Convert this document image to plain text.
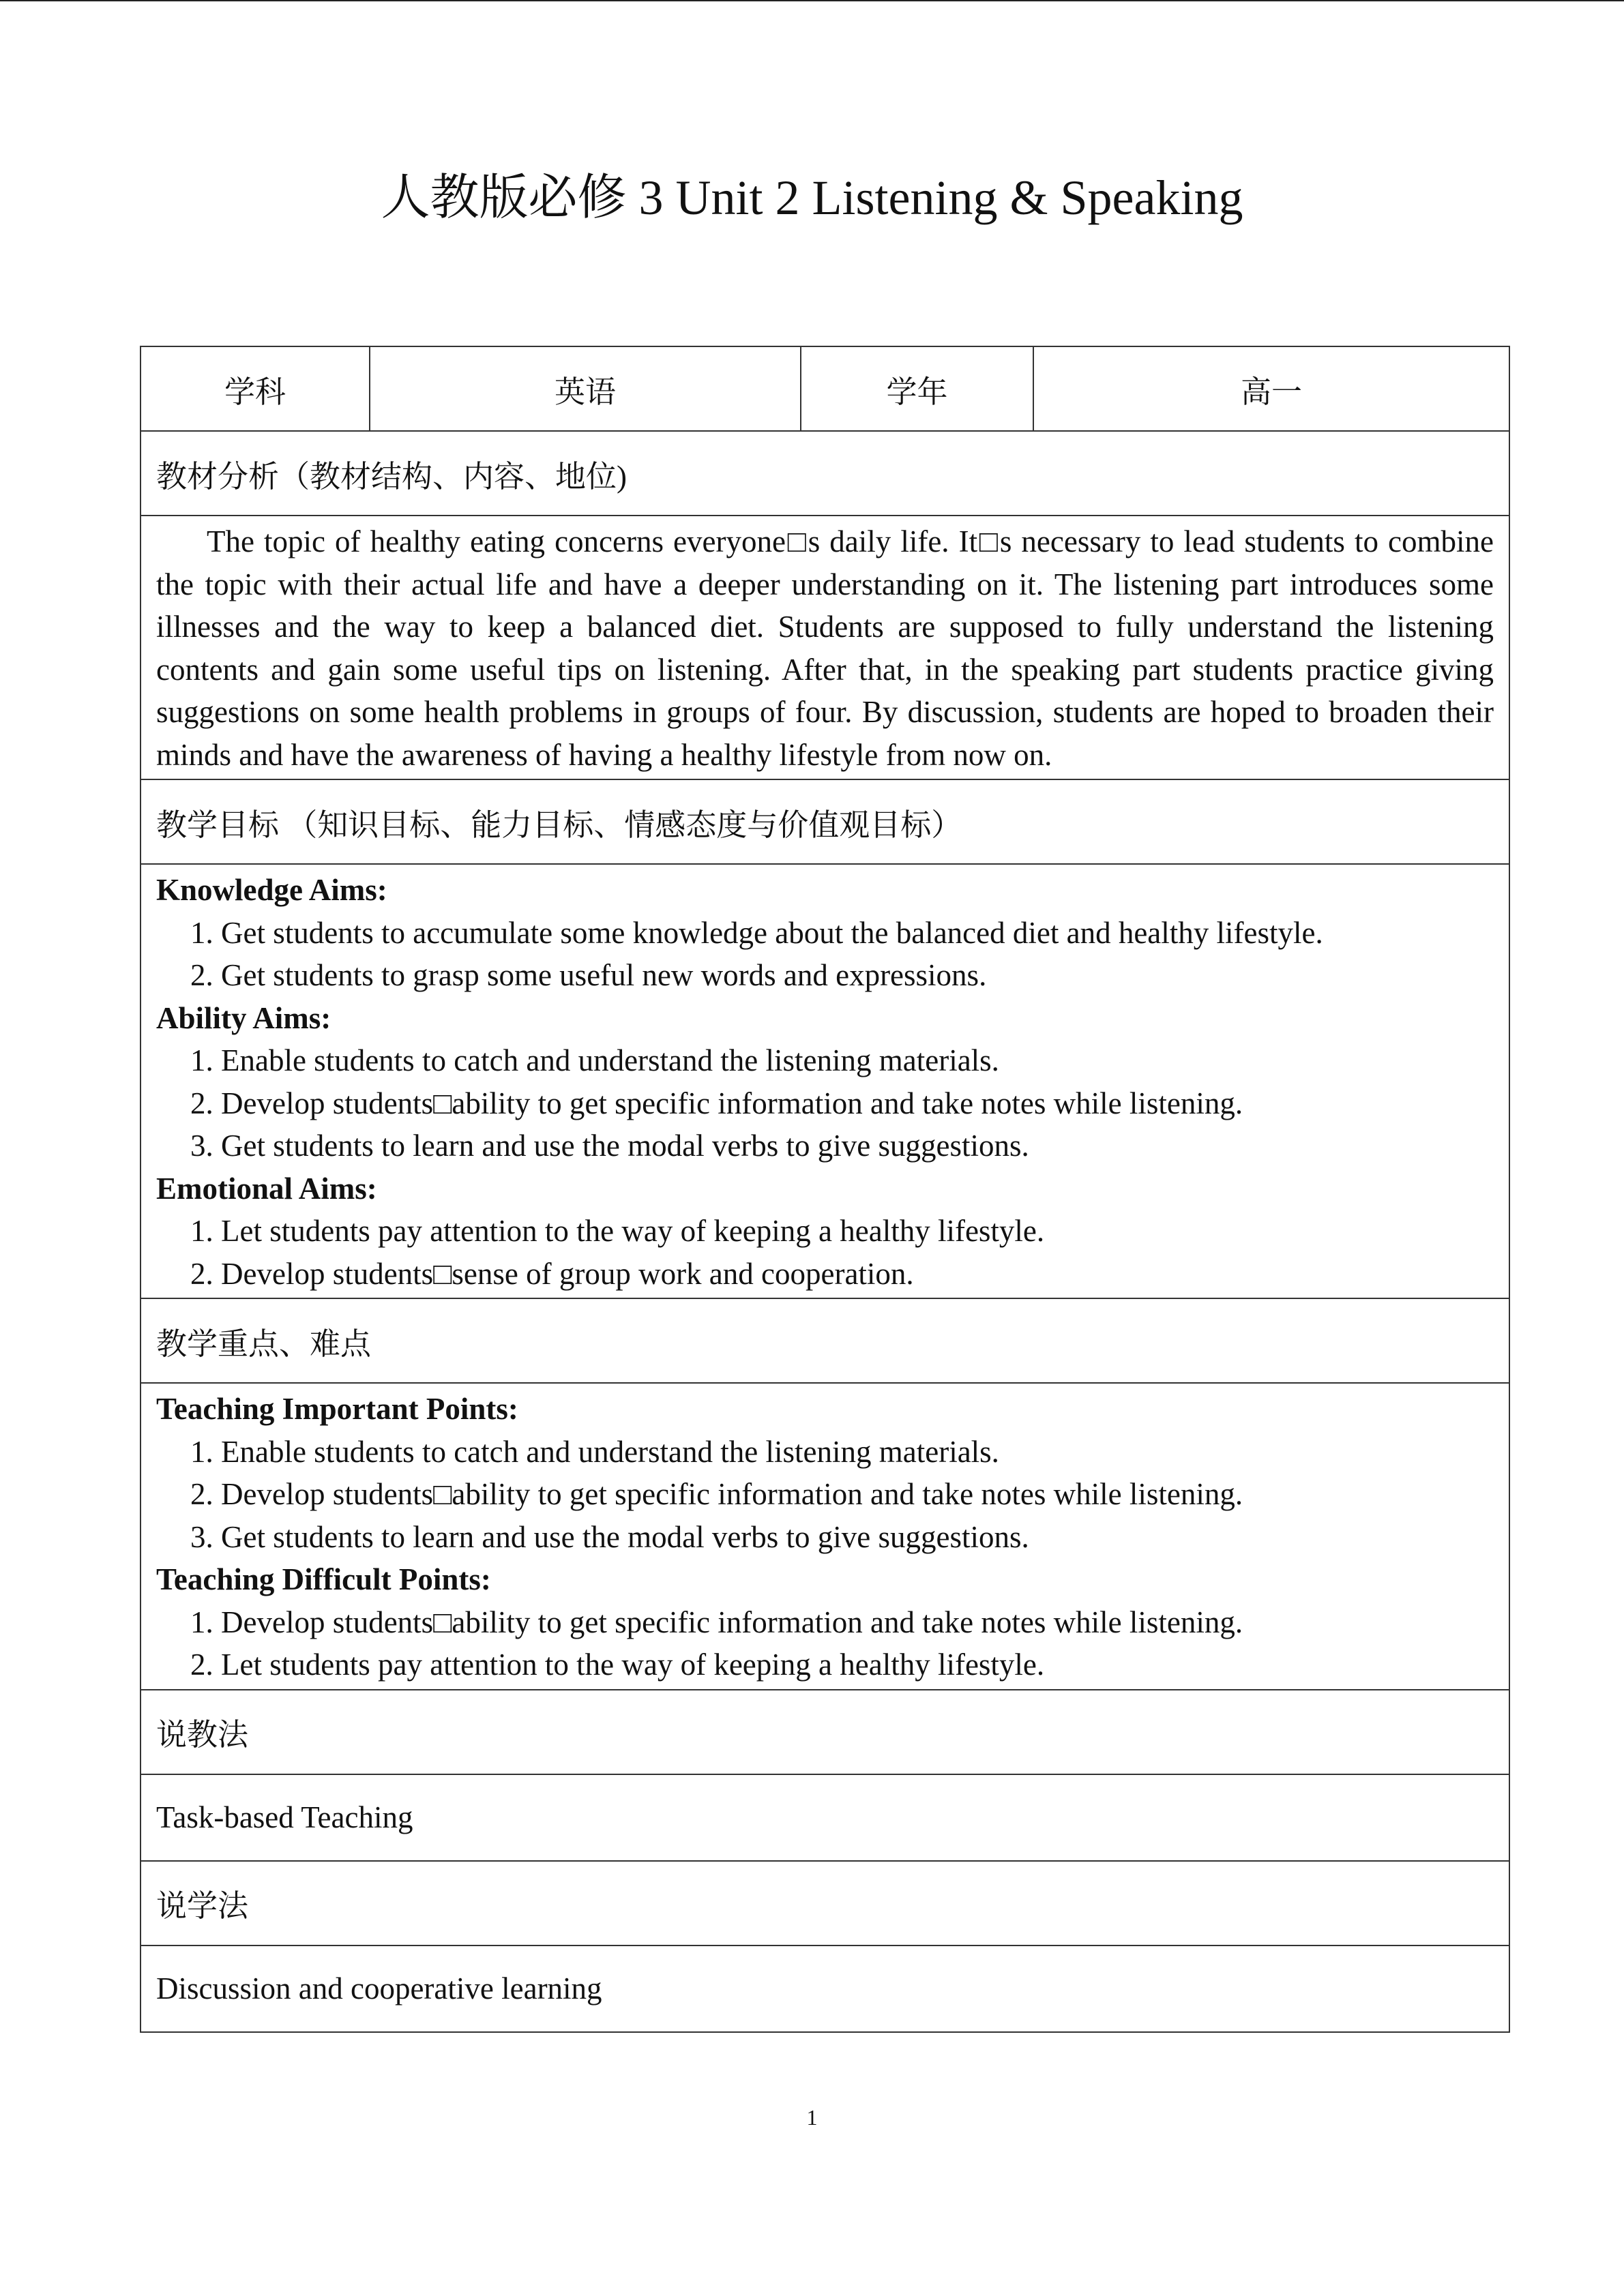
人教版必修 3 Unit 2 Listening & Speaking
学科	英语	学年	高一
教材分析（教材结构、内容、地位)
The topic of healthy eating concerns everyone□s daily life. It□s necessary to lead students to combine the topic with their actual life and have a deeper understanding on it. The listening part introduces some illnesses and the way to keep a balanced diet. Students are supposed to fully understand the listening contents and gain some useful tips on listening. After that, in the speaking part students practice giving suggestions on some health problems in groups of four. By discussion, students are hoped to broaden their minds and have the awareness of having a healthy lifestyle from now on.
教学目标 （知识目标、能力目标、情感态度与价值观目标）

Knowledge Aims:
1. Get students to accumulate some knowledge about the balanced diet and healthy lifestyle.
2. Get students to grasp some useful new words and expressions.
Ability Aims:
1. Enable students to catch and understand the listening materials.
2. Develop students□ability to get specific information and take notes while listening.
3. Get students to learn and use the modal verbs to give suggestions.
Emotional Aims:
1. Let students pay attention to the way of keeping a healthy lifestyle.
2. Develop students□sense of group work and cooperation.

教学重点、难点

Teaching Important Points:
1. Enable students to catch and understand the listening materials.
2. Develop students□ability to get specific information and take notes while listening.
3. Get students to learn and use the modal verbs to give suggestions.
Teaching Difficult Points:
1. Develop students□ability to get specific information and take notes while listening.
2. Let students pay attention to the way of keeping a healthy lifestyle.

说教法
Task-based Teaching
说学法
Discussion and cooperative learning
1
